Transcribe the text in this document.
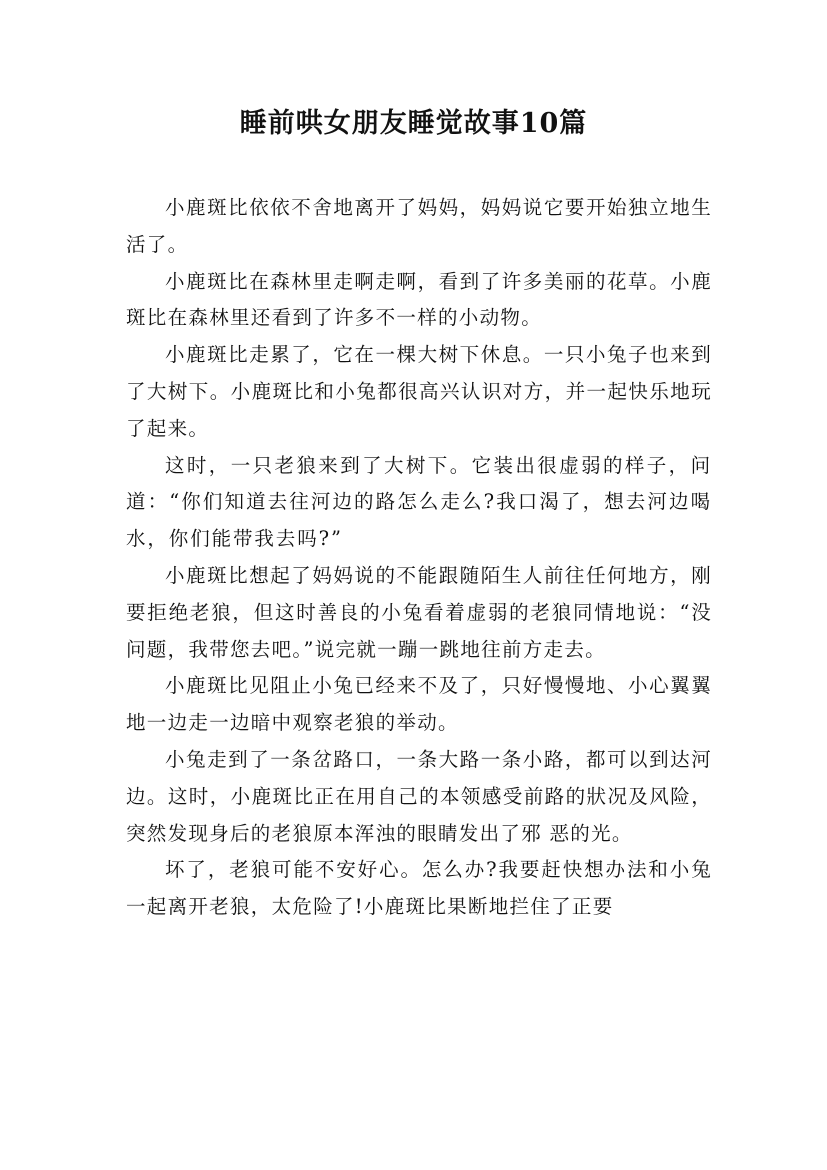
睡前哄女朋友睡觉故事10篇

小鹿斑比依依不舍地离开了妈妈，妈妈说它要开始独立地生活了。

小鹿斑比在森林里走啊走啊，看到了许多美丽的花草。小鹿斑比在森林里还看到了许多不一样的小动物。

小鹿斑比走累了，它在一棵大树下休息。一只小兔子也来到了大树下。小鹿斑比和小兔都很高兴认识对方，并一起快乐地玩了起来。

这时，一只老狼来到了大树下。它装出很虚弱的样子，问道：“你们知道去往河边的路怎么走么?我口渴了，想去河边喝水，你们能带我去吗?”

小鹿斑比想起了妈妈说的不能跟随陌生人前往任何地方，刚要拒绝老狼，但这时善良的小兔看着虚弱的老狼同情地说：“没问题，我带您去吧。”说完就一蹦一跳地往前方走去。

小鹿斑比见阻止小兔已经来不及了，只好慢慢地、小心翼翼地一边走一边暗中观察老狼的举动。

小兔走到了一条岔路口，一条大路一条小路，都可以到达河边。这时，小鹿斑比正在用自己的本领感受前路的狀况及风险，突然发现身后的老狼原本浑浊的眼睛发出了邪 恶的光。

坏了，老狼可能不安好心。怎么办?我要赶快想办法和小兔一起离开老狼，太危险了!小鹿斑比果断地拦住了正要
